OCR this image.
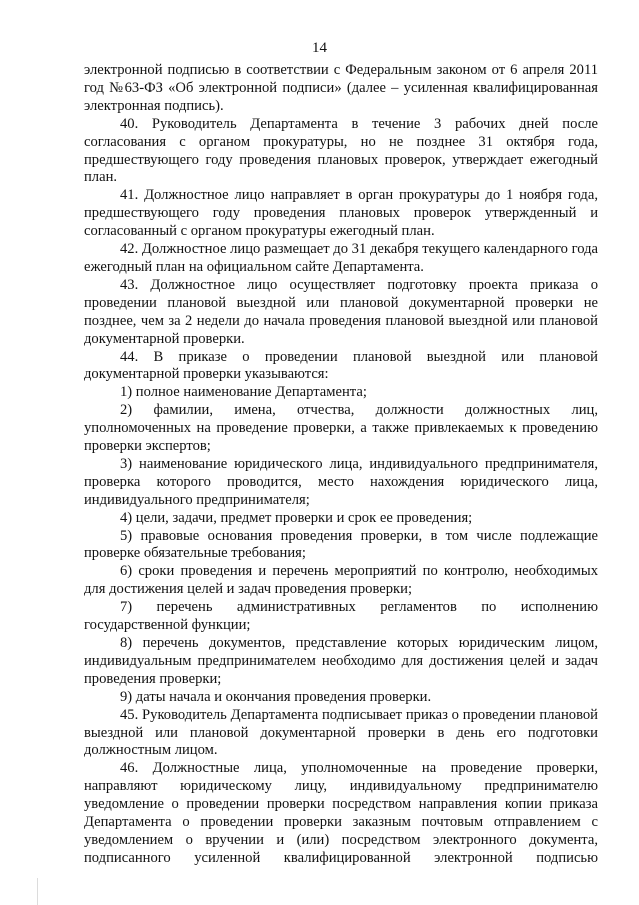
14

электронной подписью в соответствии с Федеральным законом от 6 апреля 2011 год №63-ФЗ «Об электронной подписи» (далее – усиленная квалифицированная электронная подпись).

40. Руководитель Департамента в течение 3 рабочих дней после согласования с органом прокуратуры, но не позднее 31 октября года, предшествующего году проведения плановых проверок, утверждает ежегодный план.

41. Должностное лицо направляет в орган прокуратуры до 1 ноября года, предшествующего году проведения плановых проверок утвержденный и согласованный с органом прокуратуры ежегодный план.

42. Должностное лицо размещает до 31 декабря текущего календарного года ежегодный план на официальном сайте Департамента.

43. Должностное лицо осуществляет подготовку проекта приказа о проведении плановой выездной или плановой документарной проверки не позднее, чем за 2 недели до начала проведения плановой выездной или плановой документарной проверки.

44. В приказе о проведении плановой выездной или плановой документарной проверки указываются:

1) полное наименование Департамента;

2) фамилии, имена, отчества, должности должностных лиц, уполномоченных на проведение проверки, а также привлекаемых к проведению проверки экспертов;

3) наименование юридического лица, индивидуального предпринимателя, проверка которого проводится, место нахождения юридического лица, индивидуального предпринимателя;

4) цели, задачи, предмет проверки и срок ее проведения;

5) правовые основания проведения проверки, в том числе подлежащие проверке обязательные требования;

6) сроки проведения и перечень мероприятий по контролю, необходимых для достижения целей и задач проведения проверки;

7) перечень административных регламентов по исполнению государственной функции;

8) перечень документов, представление которых юридическим лицом, индивидуальным предпринимателем необходимо для достижения целей и задач проведения проверки;

9) даты начала и окончания проведения проверки.

45. Руководитель Департамента подписывает приказ о проведении плановой выездной или плановой документарной проверки в день его подготовки должностным лицом.

46. Должностные лица, уполномоченные на проведение проверки, направляют юридическому лицу, индивидуальному предпринимателю уведомление о проведении проверки посредством направления копии приказа Департамента о проведении проверки заказным почтовым отправлением с уведомлением о вручении и (или) посредством электронного документа, подписанного усиленной квалифицированной электронной подписью
